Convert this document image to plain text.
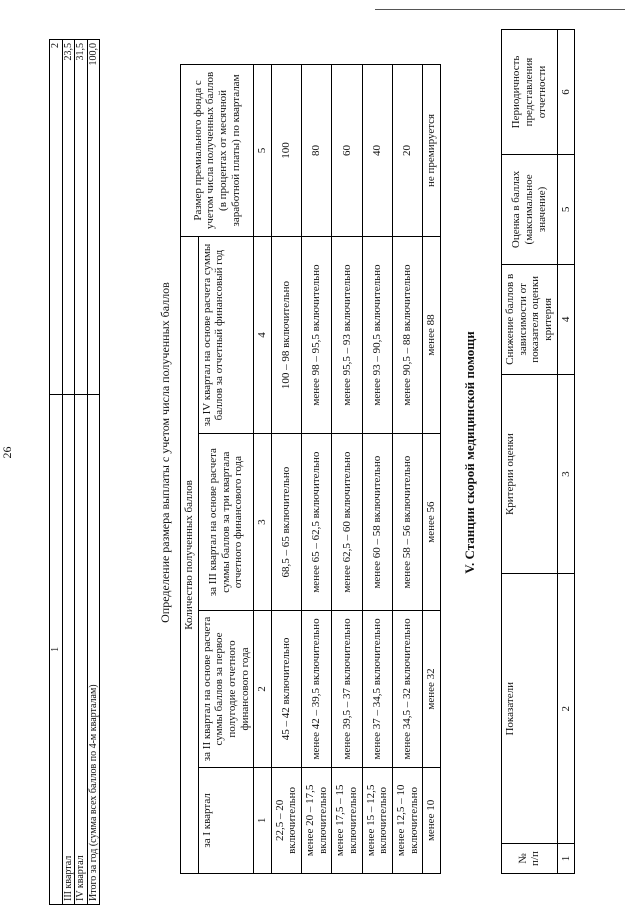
26
1	2
III квартал	23,5
IV квартал	31,5
Итого за год (сумма всех баллов по 4-м кварталам)	100,0
Определение размера выплаты с учетом числа полученных баллов Количество полученных баллов				Размер премиального фонда с учетом числа полученных баллов (в процентах от месячной заработной платы) по кварталам
за I квартал	за II квартал на основе расчета суммы баллов за первое полугодие отчетного финансового года	за III квартал на основе расчета суммы баллов за три квартала отчетного финансового года	за IV квартал на основе расчета суммы баллов за отчетный финансовый год	
1	2	3	4	5
22,5 – 20 включительно	45 – 42 включительно	68,5 – 65 включительно	100 – 98 включительно	100
менее 20 – 17,5 включительно	менее 42 – 39,5 включительно	менее 65 – 62,5 включительно	менее 98 – 95,5 включительно	80
менее 17,5 – 15 включительно	менее 39,5 – 37 включительно	менее 62,5 – 60 включительно	менее 95,5 – 93 включительно	60
менее 15 – 12,5 включительно	менее 37 – 34,5 включительно	менее 60 – 58 включительно	менее 93 – 90,5 включительно	40
менее 12,5 – 10 включительно	менее 34,5 – 32 включительно	менее 58 – 56 включительно	менее 90,5 – 88 включительно	20
менее 10	менее 32	менее 56	менее 88	не премируется
V. Станции скорой медицинской помощи
№ п/п	Показатели	Критерии оценки	Снижение баллов в зависимости от показателя оценки критерия	Оценка в баллах (максимальное значение)	Периодичность представления отчетности
1	2	3	4	5	6
